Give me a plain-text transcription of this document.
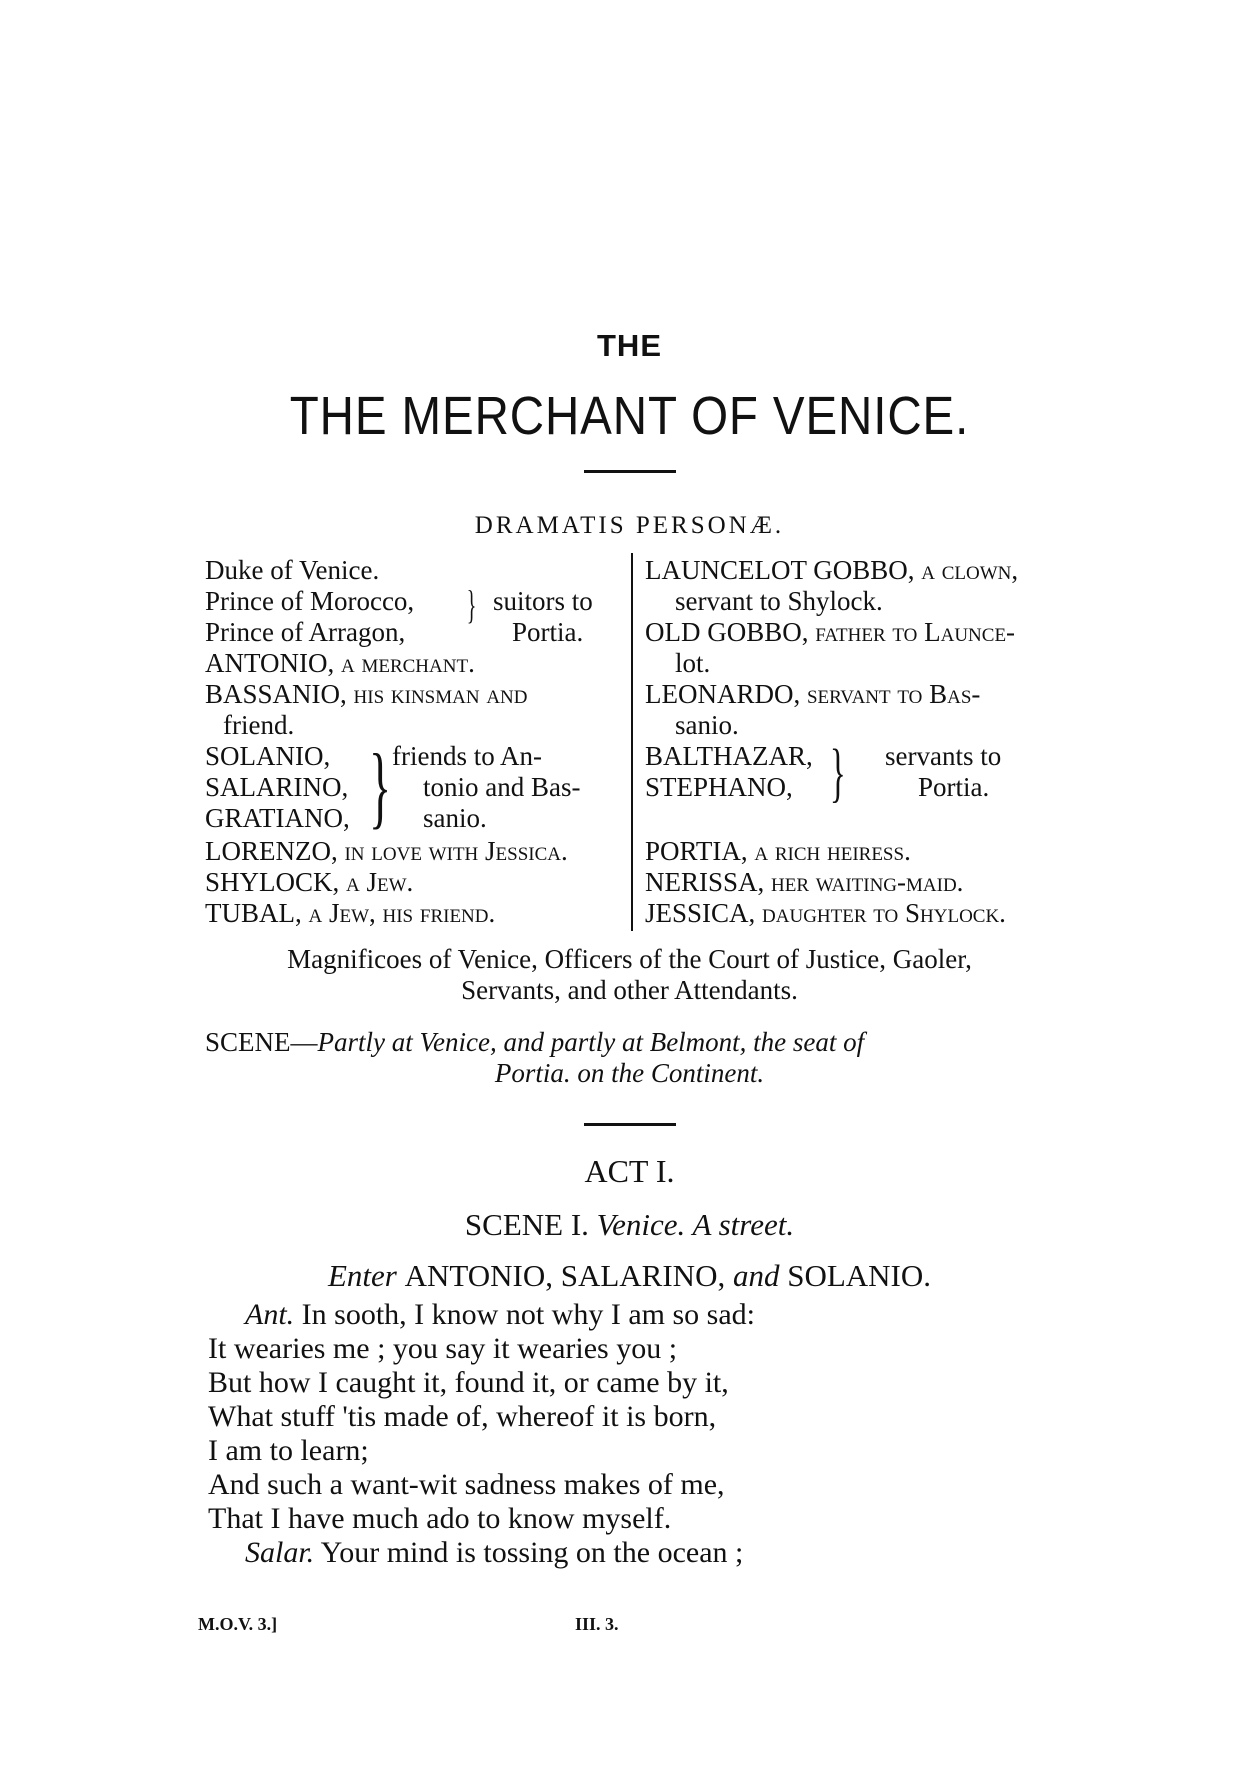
THE
THE MERCHANT OF VENICE.
DRAMATIS PERSONÆ.
Duke of Venice.
Prince of Morocco,
Prince of Arragon,
ANTONIO, a merchant.
BASSANIO, his kinsman and
friend.
SOLANIO,
SALARINO,
GRATIANO,
LORENZO, in love with Jessica.
SHYLOCK, a Jew.
TUBAL, a Jew, his friend.
} suitors to
Portia.
} friends to An-
tonio and Bas-
sanio.
LAUNCELOT GOBBO, a clown,
servant to Shylock.
OLD GOBBO, father to Launce-
lot.
LEONARDO, servant to Bas-
sanio.
BALTHAZAR,
STEPHANO,
PORTIA, a rich heiress.
NERISSA, her waiting-maid.
JESSICA, daughter to Shylock.
} servants to
Portia.
Magnificoes of Venice, Officers of the Court of Justice, Gaoler,
Servants, and other Attendants.
SCENE—Partly at Venice, and partly at Belmont, the seat of
Portia. on the Continent.
ACT I.
SCENE I. Venice. A street.
Enter ANTONIO, SALARINO, and SOLANIO.
Ant. In sooth, I know not why I am so sad:
It wearies me ; you say it wearies you ;
But how I caught it, found it, or came by it,
What stuff 'tis made of, whereof it is born,
I am to learn;
And such a want-wit sadness makes of me,
That I have much ado to know myself.
Salar. Your mind is tossing on the ocean ;
M.O.V. 3.]	III. 3.
